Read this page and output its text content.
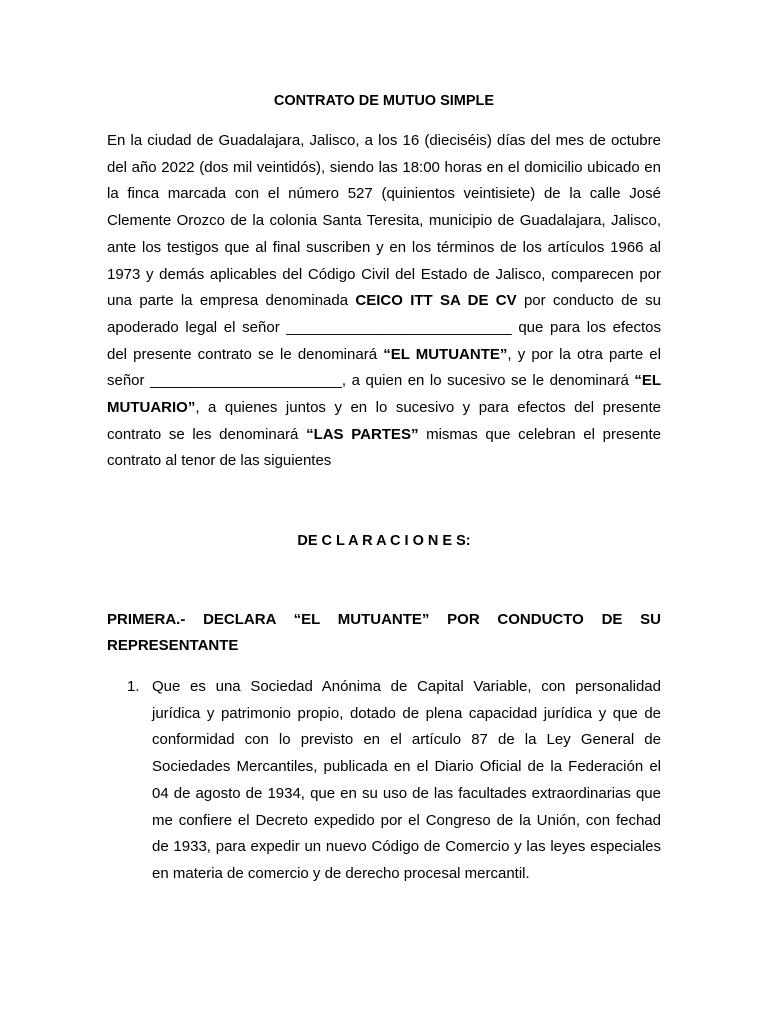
CONTRATO DE MUTUO SIMPLE

En la ciudad de Guadalajara, Jalisco, a los 16 (dieciséis) días del mes de octubre del año 2022 (dos mil veintidós), siendo las 18:00 horas en el domicilio ubicado en la finca marcada con el número 527 (quinientos veintisiete) de la calle José Clemente Orozco de la colonia Santa Teresita, municipio de Guadalajara, Jalisco, ante los testigos que al final suscriben y en los términos de los artículos 1966 al 1973 y demás aplicables del Código Civil del Estado de Jalisco, comparecen por una parte la empresa denominada CEICO ITT SA DE CV por conducto de su apoderado legal el señor ___________________________ que para los efectos del presente contrato se le denominará “EL MUTUANTE”, y por la otra parte el señor _______________________, a quien en lo sucesivo se le denominará “EL MUTUARIO”, a quienes juntos y en lo sucesivo y para efectos del presente contrato se les denominará “LAS PARTES” mismas que celebran el presente contrato al tenor de las siguientes

DE C L A R A C I O N E S:

PRIMERA.- DECLARA “EL MUTUANTE” POR CONDUCTO DE SU REPRESENTANTE

1. Que es una Sociedad Anónima de Capital Variable, con personalidad jurídica y patrimonio propio, dotado de plena capacidad jurídica y que de conformidad con lo previsto en el artículo 87 de la Ley General de Sociedades Mercantiles, publicada en el Diario Oficial de la Federación el 04 de agosto de 1934, que en su uso de las facultades extraordinarias que me confiere el Decreto expedido por el Congreso de la Unión, con fechad de 1933, para expedir un nuevo Código de Comercio y las leyes especiales en materia de comercio y de derecho procesal mercantil.
